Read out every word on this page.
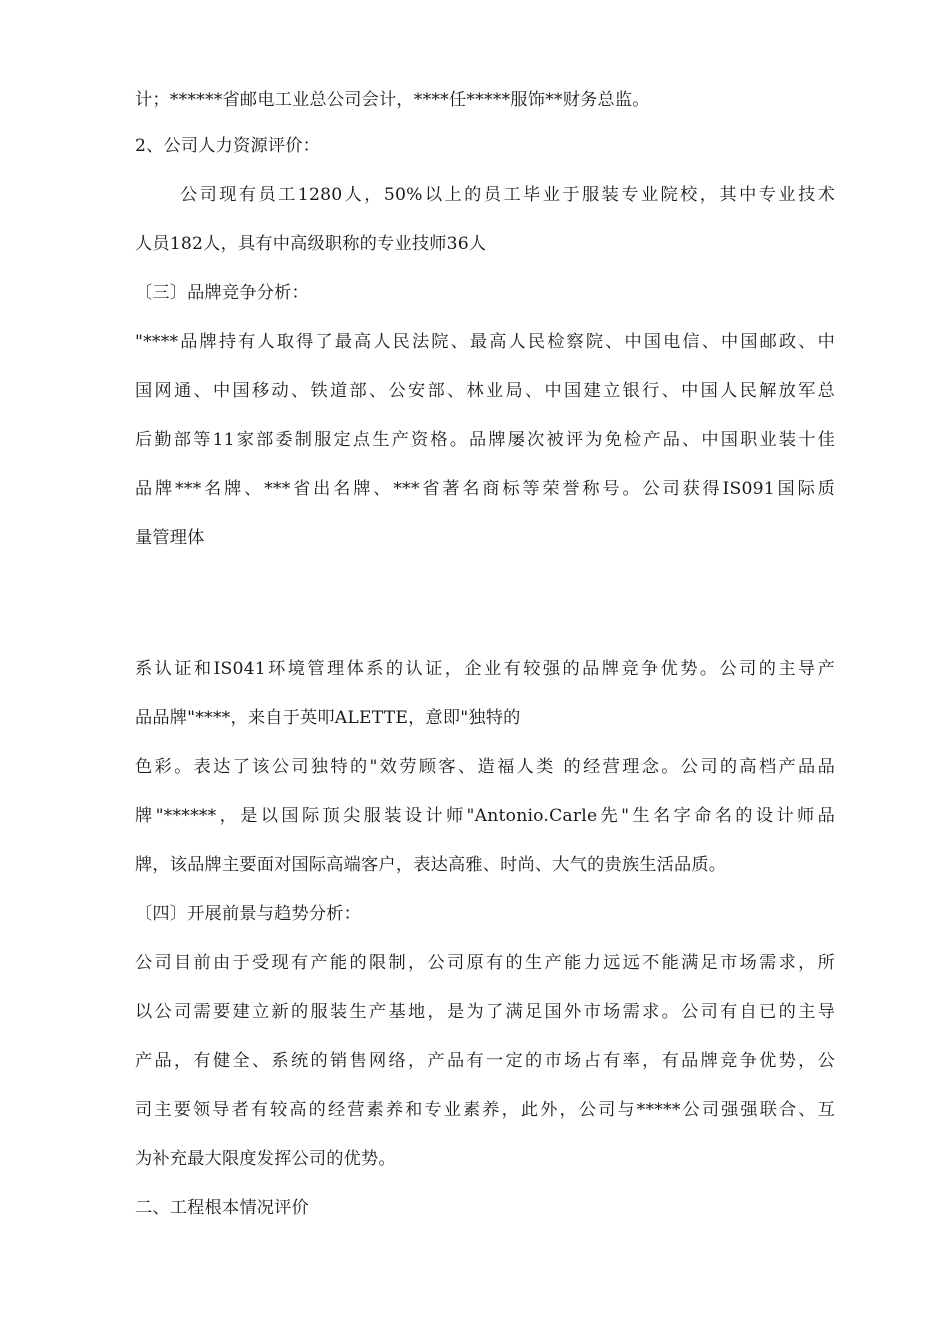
计；******省邮电工业总公司会计，****任*****服饰**财务总监。
2、公司人力资源评价：
公司现有员工1280人，50%以上的员工毕业于服装专业院校，其中专业技术
人员182人，具有中高级职称的专业技师36人
〔三〕品牌竞争分析：
"****品牌持有人取得了最高人民法院、最高人民检察院、中国电信、中国邮政、中
国网通、中国移动、铁道部、公安部、林业局、中国建立银行、中国人民解放军总
后勤部等11家部委制服定点生产资格。品牌屡次被评为免检产品、中国职业装十佳
品牌***名牌、***省出名牌、***省著名商标等荣誉称号。公司获得IS091国际质
量管理体
系认证和IS041环境管理体系的认证，企业有较强的品牌竞争优势。公司的主导产
品品牌"****，来自于英叩ALETTE，意即"独特的
色彩。表达了该公司独特的"效劳顾客、造福人类 的经营理念。公司的高档产品品
牌"******，是以国际顶尖服装设计师"Antonio.Carle先"生名字命名的设计师品
牌，该品牌主要面对国际高端客户，表达高雅、时尚、大气的贵族生活品质。
〔四〕开展前景与趋势分析：
公司目前由于受现有产能的限制，公司原有的生产能力远远不能满足市场需求，所
以公司需要建立新的服装生产基地，是为了满足国外市场需求。公司有自已的主导
产品，有健全、系统的销售网络，产品有一定的市场占有率，有品牌竞争优势，公
司主要领导者有较高的经营素养和专业素养，此外，公司与*****公司强强联合、互
为补充最大限度发挥公司的优势。
二、工程根本情况评价
